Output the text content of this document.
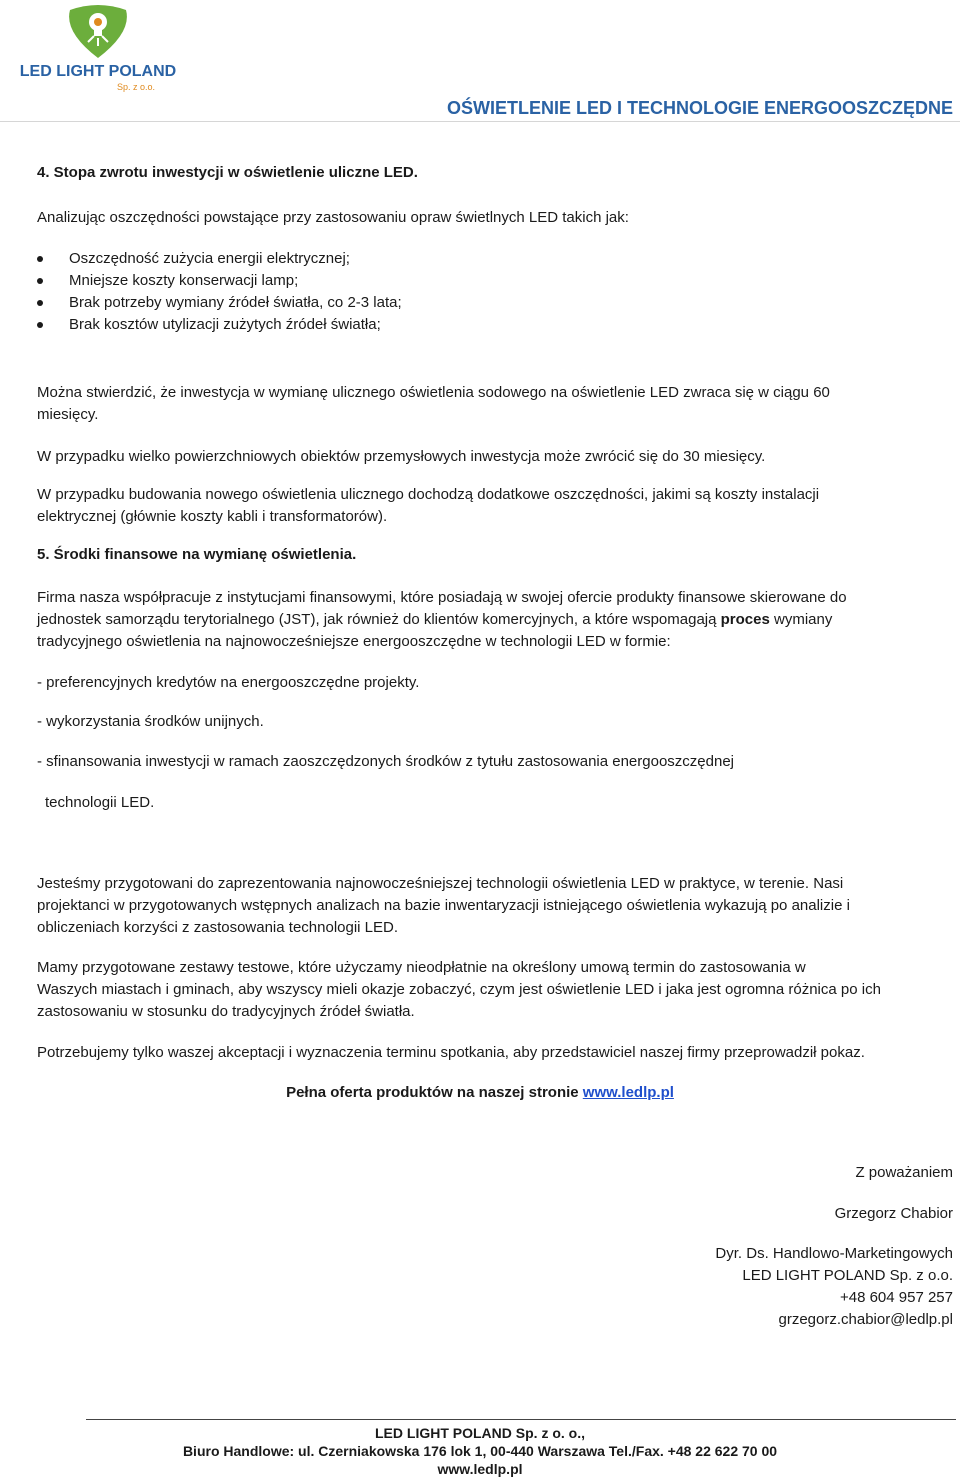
LED LIGHT POLAND
Sp. z o.o.
OŚWIETLENIE LED I TECHNOLOGIE ENERGOOSZCZĘDNE
4. Stopa zwrotu inwestycji w oświetlenie uliczne LED.
Analizując oszczędności powstające przy zastosowaniu opraw świetlnych LED takich jak:
Oszczędność zużycia energii elektrycznej;
Mniejsze koszty konserwacji lamp;
Brak potrzeby wymiany źródeł światła, co 2-3 lata;
Brak kosztów utylizacji zużytych źródeł światła;
Można stwierdzić, że inwestycja w wymianę ulicznego oświetlenia sodowego na oświetlenie LED zwraca się w ciągu 60
miesięcy.
W przypadku wielko powierzchniowych obiektów przemysłowych inwestycja może zwrócić się do 30 miesięcy.
W przypadku budowania nowego oświetlenia ulicznego dochodzą dodatkowe oszczędności, jakimi są koszty instalacji
elektrycznej (głównie koszty kabli i transformatorów).
5. Środki finansowe na wymianę oświetlenia.
Firma nasza współpracuje z instytucjami finansowymi, które posiadają w swojej ofercie produkty finansowe skierowane do
jednostek samorządu terytorialnego (JST), jak również do klientów komercyjnych, a które wspomagają proces wymiany
tradycyjnego oświetlenia na najnowocześniejsze energooszczędne w technologii LED w formie:
- preferencyjnych kredytów na energooszczędne projekty.
- wykorzystania środków unijnych.
- sfinansowania inwestycji w ramach zaoszczędzonych środków z tytułu zastosowania energooszczędnej
technologii LED.
Jesteśmy przygotowani do zaprezentowania najnowocześniejszej technologii oświetlenia LED w praktyce, w terenie. Nasi
projektanci w przygotowanych wstępnych analizach na bazie inwentaryzacji istniejącego oświetlenia wykazują po analizie i
obliczeniach korzyści z zastosowania technologii LED.
Mamy przygotowane zestawy testowe, które użyczamy nieodpłatnie na określony umową termin do zastosowania w
Waszych miastach i gminach, aby wszyscy mieli okazje zobaczyć, czym jest oświetlenie LED i jaka jest ogromna różnica po ich
zastosowaniu w stosunku do tradycyjnych źródeł światła.
Potrzebujemy tylko waszej akceptacji i wyznaczenia terminu spotkania, aby przedstawiciel naszej firmy przeprowadził pokaz.
Pełna oferta produktów na naszej stronie www.ledlp.pl
Z poważaniem
Grzegorz Chabior
Dyr. Ds. Handlowo-Marketingowych
LED LIGHT POLAND Sp. z o.o.
+48 604 957 257
grzegorz.chabior@ledlp.pl
LED LIGHT POLAND Sp. z o. o.,
Biuro Handlowe: ul. Czerniakowska 176 lok 1, 00-440 Warszawa Tel./Fax. +48 22 622 70 00
www.ledlp.pl
